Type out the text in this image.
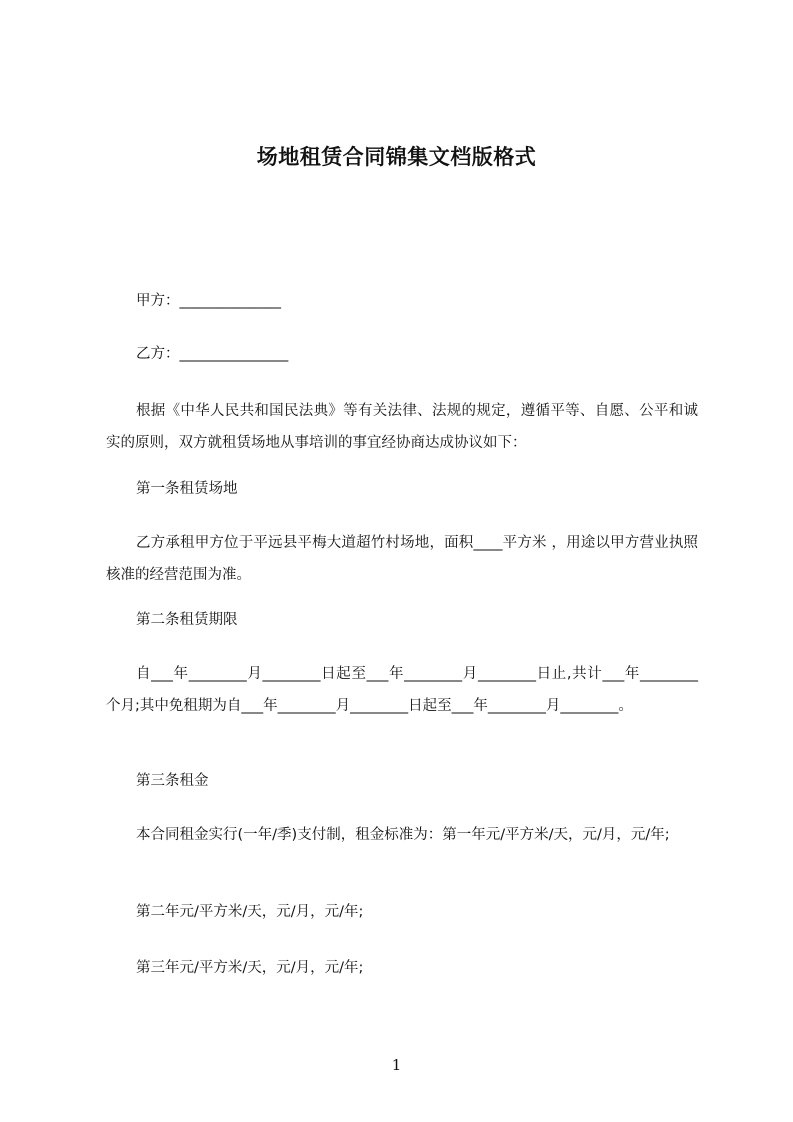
场地租赁合同锦集文档版格式
甲方：______________
乙方：_______________

根据《中华人民共和国民法典》等有关法律、法规的规定，遵循平等、自愿、公平和诚实的原则，双方就租赁场地从事培训的事宜经协商达成协议如下：

第一条租赁场地

乙方承租甲方位于平远县平梅大道超竹村场地，面积____平方米 ，用途以甲方营业执照核准的经营范围为准。

第二条租赁期限

自___年________月________日起至___年________月________日止,共计___年________个月;其中免租期为自___年________月________日起至___年________月________。

第三条租金

本合同租金实行(一年/季)支付制，租金标准为：第一年元/平方米/天，元/月，元/年;

第二年元/平方米/天，元/月，元/年;
第三年元/平方米/天，元/月，元/年;
1
